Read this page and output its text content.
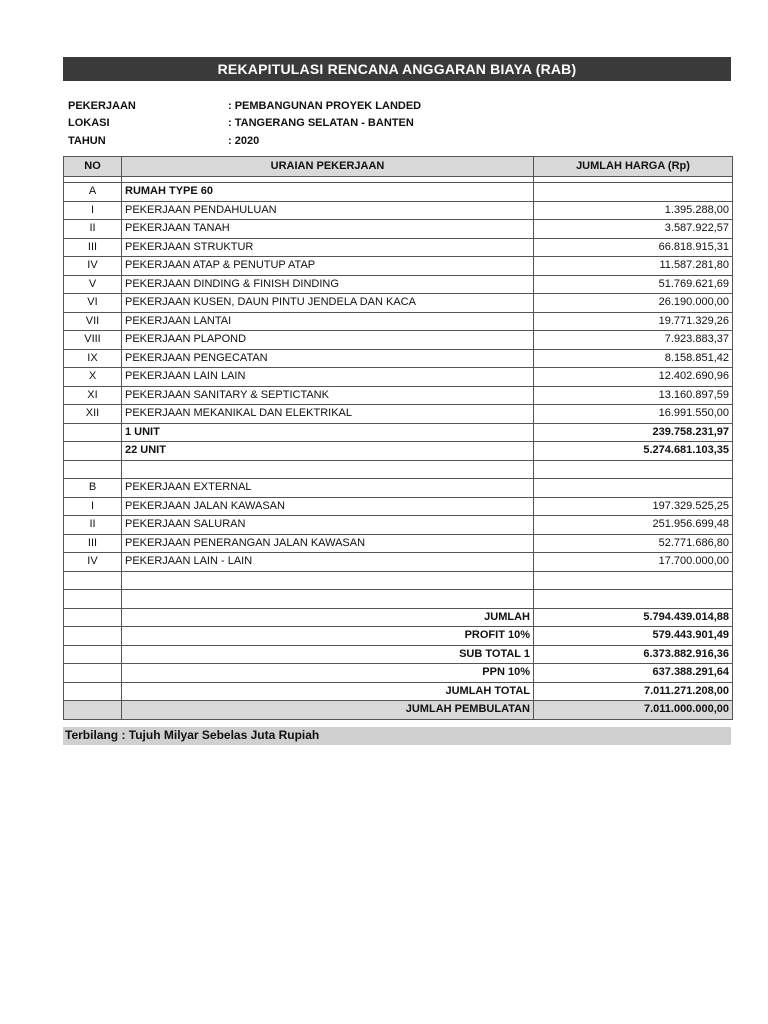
REKAPITULASI RENCANA ANGGARAN BIAYA (RAB)
PEKERJAAN	: PEMBANGUNAN PROYEK LANDED
LOKASI	: TANGERANG SELATAN - BANTEN
TAHUN	: 2020
NO	URAIAN PEKERJAAN	JUMLAH HARGA (Rp)

A	RUMAH TYPE 60	
I	PEKERJAAN PENDAHULUAN	1.395.288,00
II	PEKERJAAN TANAH	3.587.922,57
III	PEKERJAAN STRUKTUR	66.818.915,31
IV	PEKERJAAN ATAP & PENUTUP ATAP	11.587.281,80
V	PEKERJAAN DINDING & FINISH DINDING	51.769.621,69
VI	PEKERJAAN KUSEN, DAUN PINTU JENDELA DAN KACA	26.190.000,00
VII	PEKERJAAN LANTAI	19.771.329,26
VIII	PEKERJAAN PLAPOND	7.923.883,37
IX	PEKERJAAN PENGECATAN	8.158.851,42
X	PEKERJAAN LAIN LAIN	12.402.690,96
XI	PEKERJAAN SANITARY & SEPTICTANK	13.160.897,59
XII	PEKERJAAN MEKANIKAL DAN ELEKTRIKAL	16.991.550,00
	1 UNIT	239.758.231,97
	22 UNIT	5.274.681.103,35

B	PEKERJAAN EXTERNAL	
I	PEKERJAAN JALAN KAWASAN	197.329.525,25
II	PEKERJAAN SALURAN	251.956.699,48
III	PEKERJAAN PENERANGAN JALAN KAWASAN	52.771.686,80
IV	PEKERJAAN LAIN - LAIN	17.700.000,00

	JUMLAH	5.794.439.014,88
	PROFIT 10%	579.443.901,49
	SUB TOTAL 1	6.373.882.916,36
	PPN 10%	637.388.291,64
	JUMLAH TOTAL	7.011.271.208,00
	JUMLAH PEMBULATAN	7.011.000.000,00
Terbilang : Tujuh Milyar Sebelas Juta Rupiah
